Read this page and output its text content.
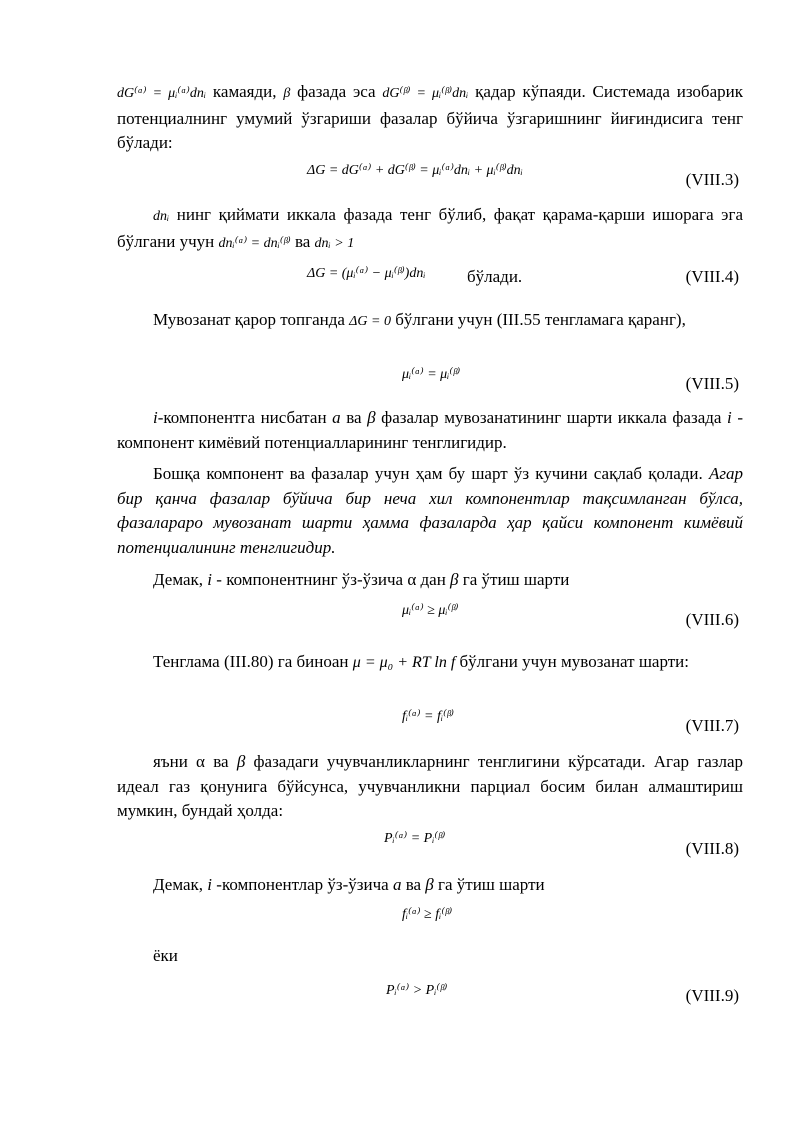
dG⁽ᵅ⁾ = μᵢ⁽ᵅ⁾dnᵢ камаяди, β фазада эса dG⁽ᵝ⁾ = μᵢ⁽ᵝ⁾dnᵢ қадар кўпаяди. Системада изобарик потенциалнинг умумий ўзгариши фазалар бўйича ўзгаришнинг йиғиндисига тенг бўлади:
ΔG = dG⁽ᵅ⁾ + dG⁽ᵝ⁾ = μᵢ⁽ᵅ⁾dnᵢ + μᵢ⁽ᵝ⁾dnᵢ	(VIII.3)
dnᵢ нинг қиймати иккала фазада тенг бўлиб, фақат қарама-қарши ишорага эга бўлгани учун dnᵢ⁽ᵅ⁾ = dnᵢ⁽ᵝ⁾ ва dnᵢ > 1
ΔG = (μᵢ⁽ᵅ⁾ − μᵢ⁽ᵝ⁾)dnᵢ бўлади.	(VIII.4)
Мувозанат қарор топганда ΔG = 0 бўлгани учун (III.55 тенгламага қаранг),
μᵢ⁽ᵅ⁾ = μᵢ⁽ᵝ⁾	(VIII.5)
i-компонентга нисбатан a ва β фазалар мувозанатининг шарти иккала фазада i - компонент кимёвий потенциалларининг тенглигидир.
Бошқа компонент ва фазалар учун ҳам бу шарт ўз кучини сақлаб қолади. Агар бир қанча фазалар бўйича бир неча хил компонентлар тақсимланган бўлса, фазалараро мувозанат шарти ҳамма фазаларда ҳар қайси компонент кимёвий потенциалининг тенглигидир.
Демак, i - компонентнинг ўз-ўзича α дан β га ўтиш шарти
μᵢ⁽ᵅ⁾ ≥ μᵢ⁽ᵝ⁾	(VIII.6)
Тенглама (III.80) га биноан μ = μ₀ + RT ln f бўлгани учун мувозанат шарти:
fᵢ⁽ᵅ⁾ = fᵢ⁽ᵝ⁾	(VIII.7)
яъни α ва β фазадаги учувчанликларнинг тенглигини кўрсатади. Агар газлар идеал газ қонунига бўйсунса, учувчанликни парциал босим билан алмаштириш мумкин, бундай ҳолда:
Pᵢ⁽ᵅ⁾ = Pᵢ⁽ᵝ⁾
(VIII.8)
Демак, i -компонентлар ўз-ўзича a ва β га ўтиш шарти
fᵢ⁽ᵅ⁾ ≥ fᵢ⁽ᵝ⁾
ёки
Pᵢ⁽ᵅ⁾ > Pᵢ⁽ᵝ⁾	(VIII.9)
